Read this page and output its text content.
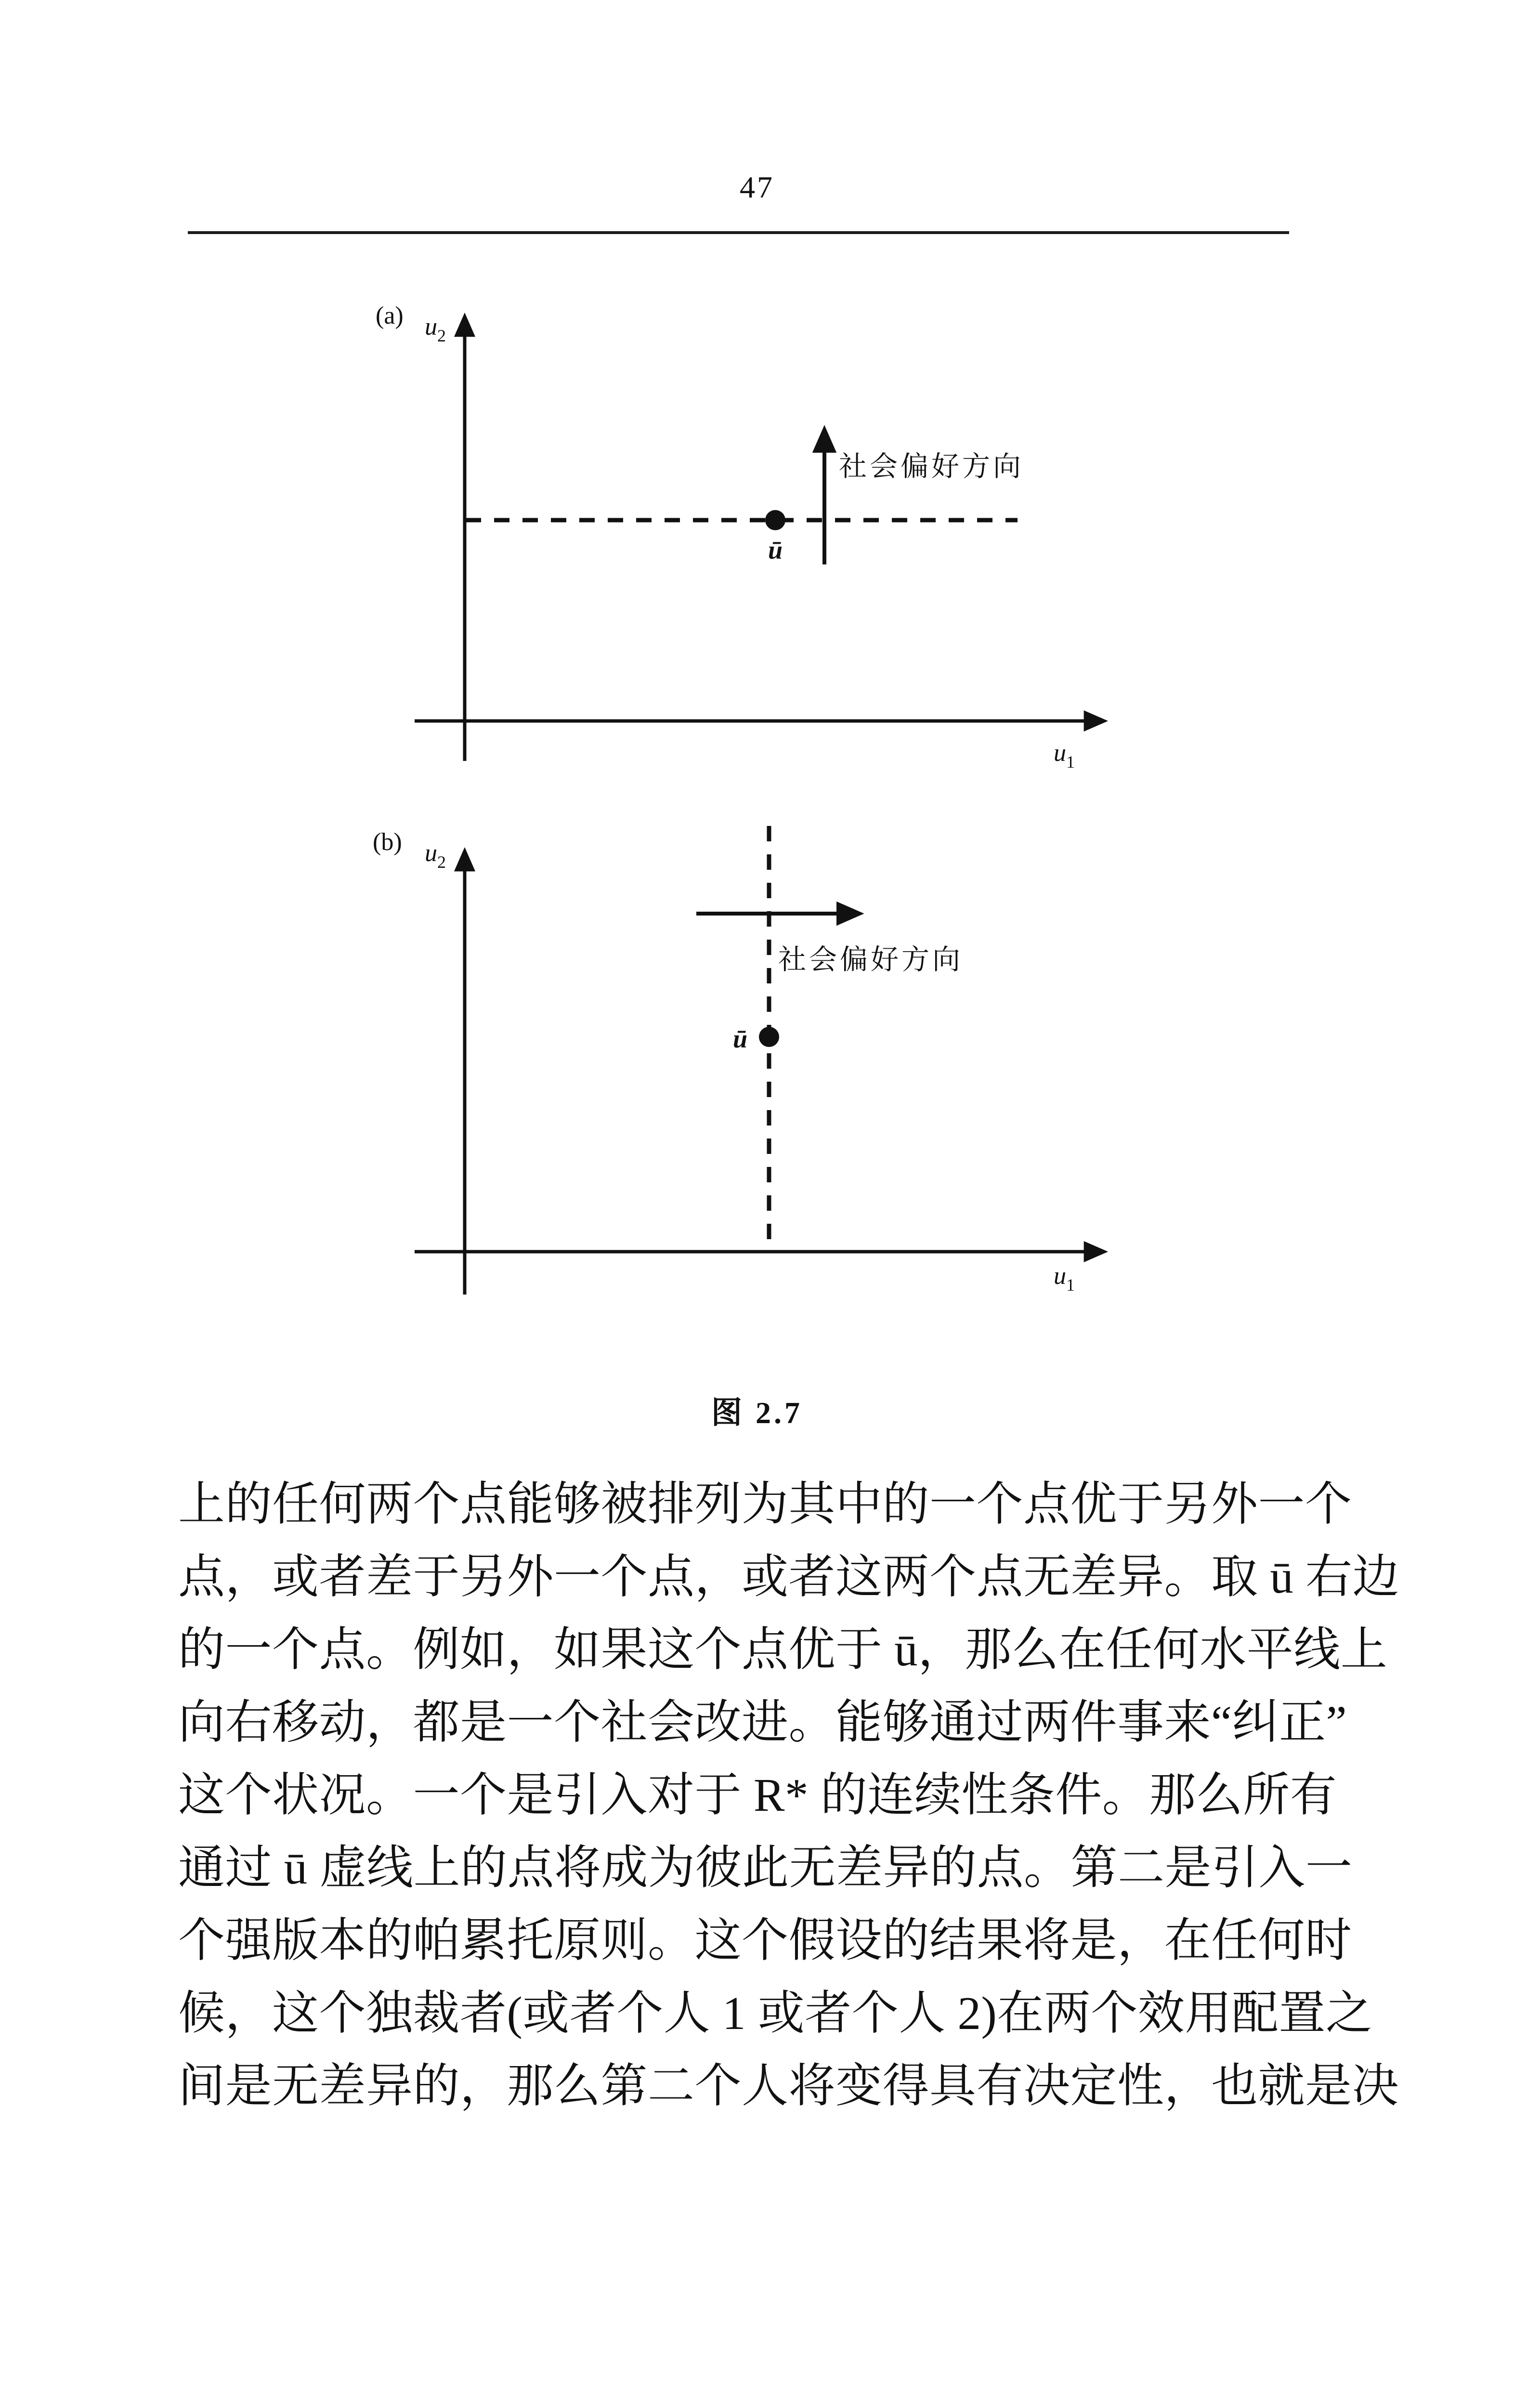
47
(a) $u_2$
$u_1$
ū
社会偏好方向
(b) $u_2$
$u_1$
社会偏好方向
ū
图 2.7
上的任何两个点能够被排列为其中的一个点优于另外一个
点，或者差于另外一个点，或者这两个点无差异。取 ū 右边
的一个点。例如，如果这个点优于 ū，那么在任何水平线上
向右移动，都是一个社会改进。能够通过两件事来“纠正”
这个状况。一个是引入对于 R* 的连续性条件。那么所有
通过 ū 虚线上的点将成为彼此无差异的点。第二是引入一
个强版本的帕累托原则。这个假设的结果将是，在任何时
候，这个独裁者(或者个人 1 或者个人 2)在两个效用配置之
间是无差异的，那么第二个人将变得具有决定性，也就是决
